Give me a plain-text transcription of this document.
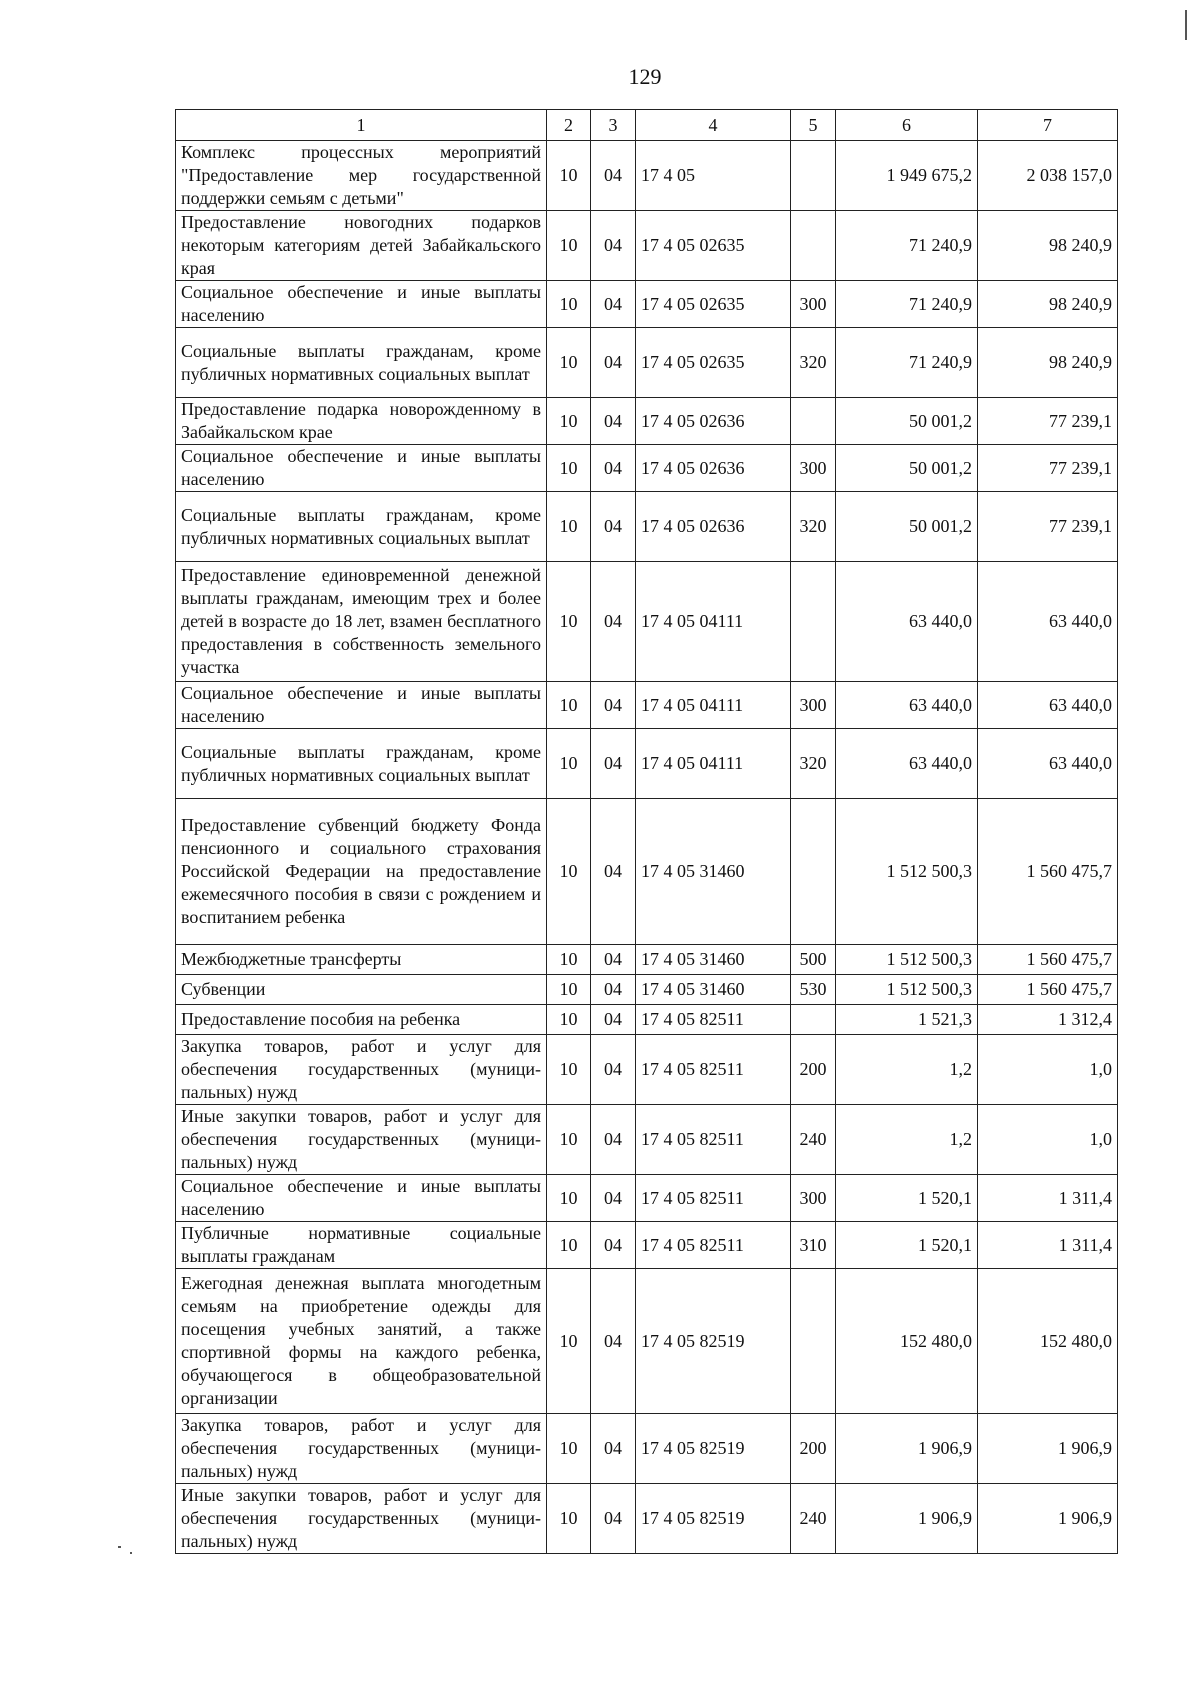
129
1	2	3	4	5	6	7
Комплекс процессных мероприятий "Предоставление мер государственной поддержки семьям с детьми"	10	04	17 4 05		1 949 675,2	2 038 157,0
Предоставление новогодних подарков некоторым категориям детей Забайкальского края	10	04	17 4 05 02635		71 240,9	98 240,9
Социальное обеспечение и иные выплаты населению	10	04	17 4 05 02635	300	71 240,9	98 240,9
Социальные выплаты гражданам, кроме публичных нормативных социальных выплат	10	04	17 4 05 02635	320	71 240,9	98 240,9
Предоставление подарка новорожденному в Забайкальском крае	10	04	17 4 05 02636		50 001,2	77 239,1
Социальное обеспечение и иные выплаты населению	10	04	17 4 05 02636	300	50 001,2	77 239,1
Социальные выплаты гражданам, кроме публичных нормативных социальных выплат	10	04	17 4 05 02636	320	50 001,2	77 239,1
Предоставление единовременной денежной выплаты гражданам, имеющим трех и более детей в возрасте до 18 лет, взамен бесплатного предоставления в собственность земельного участка	10	04	17 4 05 04111		63 440,0	63 440,0
Социальное обеспечение и иные выплаты населению	10	04	17 4 05 04111	300	63 440,0	63 440,0
Социальные выплаты гражданам, кроме публичных нормативных социальных выплат	10	04	17 4 05 04111	320	63 440,0	63 440,0
Предоставление субвенций бюджету Фонда пенсионного и социального страхования Российской Федерации на предоставление ежемесячного пособия в связи с рождением и воспитанием ребенка	10	04	17 4 05 31460		1 512 500,3	1 560 475,7
Межбюджетные трансферты	10	04	17 4 05 31460	500	1 512 500,3	1 560 475,7
Субвенции	10	04	17 4 05 31460	530	1 512 500,3	1 560 475,7
Предоставление пособия на ребенка	10	04	17 4 05 82511		1 521,3	1 312,4
Закупка товаров, работ и услуг для обеспечения государственных (муниципальных) нужд	10	04	17 4 05 82511	200	1,2	1,0
Иные закупки товаров, работ и услуг для обеспечения государственных (муниципальных) нужд	10	04	17 4 05 82511	240	1,2	1,0
Социальное обеспечение и иные выплаты населению	10	04	17 4 05 82511	300	1 520,1	1 311,4
Публичные нормативные социальные выплаты гражданам	10	04	17 4 05 82511	310	1 520,1	1 311,4
Ежегодная денежная выплата многодетным семьям на приобретение одежды для посещения учебных занятий, а также спортивной формы на каждого ребенка, обучающегося в общеобразовательной организации	10	04	17 4 05 82519		152 480,0	152 480,0
Закупка товаров, работ и услуг для обеспечения государственных (муниципальных) нужд	10	04	17 4 05 82519	200	1 906,9	1 906,9
Иные закупки товаров, работ и услуг для обеспечения государственных (муниципальных) нужд	10	04	17 4 05 82519	240	1 906,9	1 906,9
